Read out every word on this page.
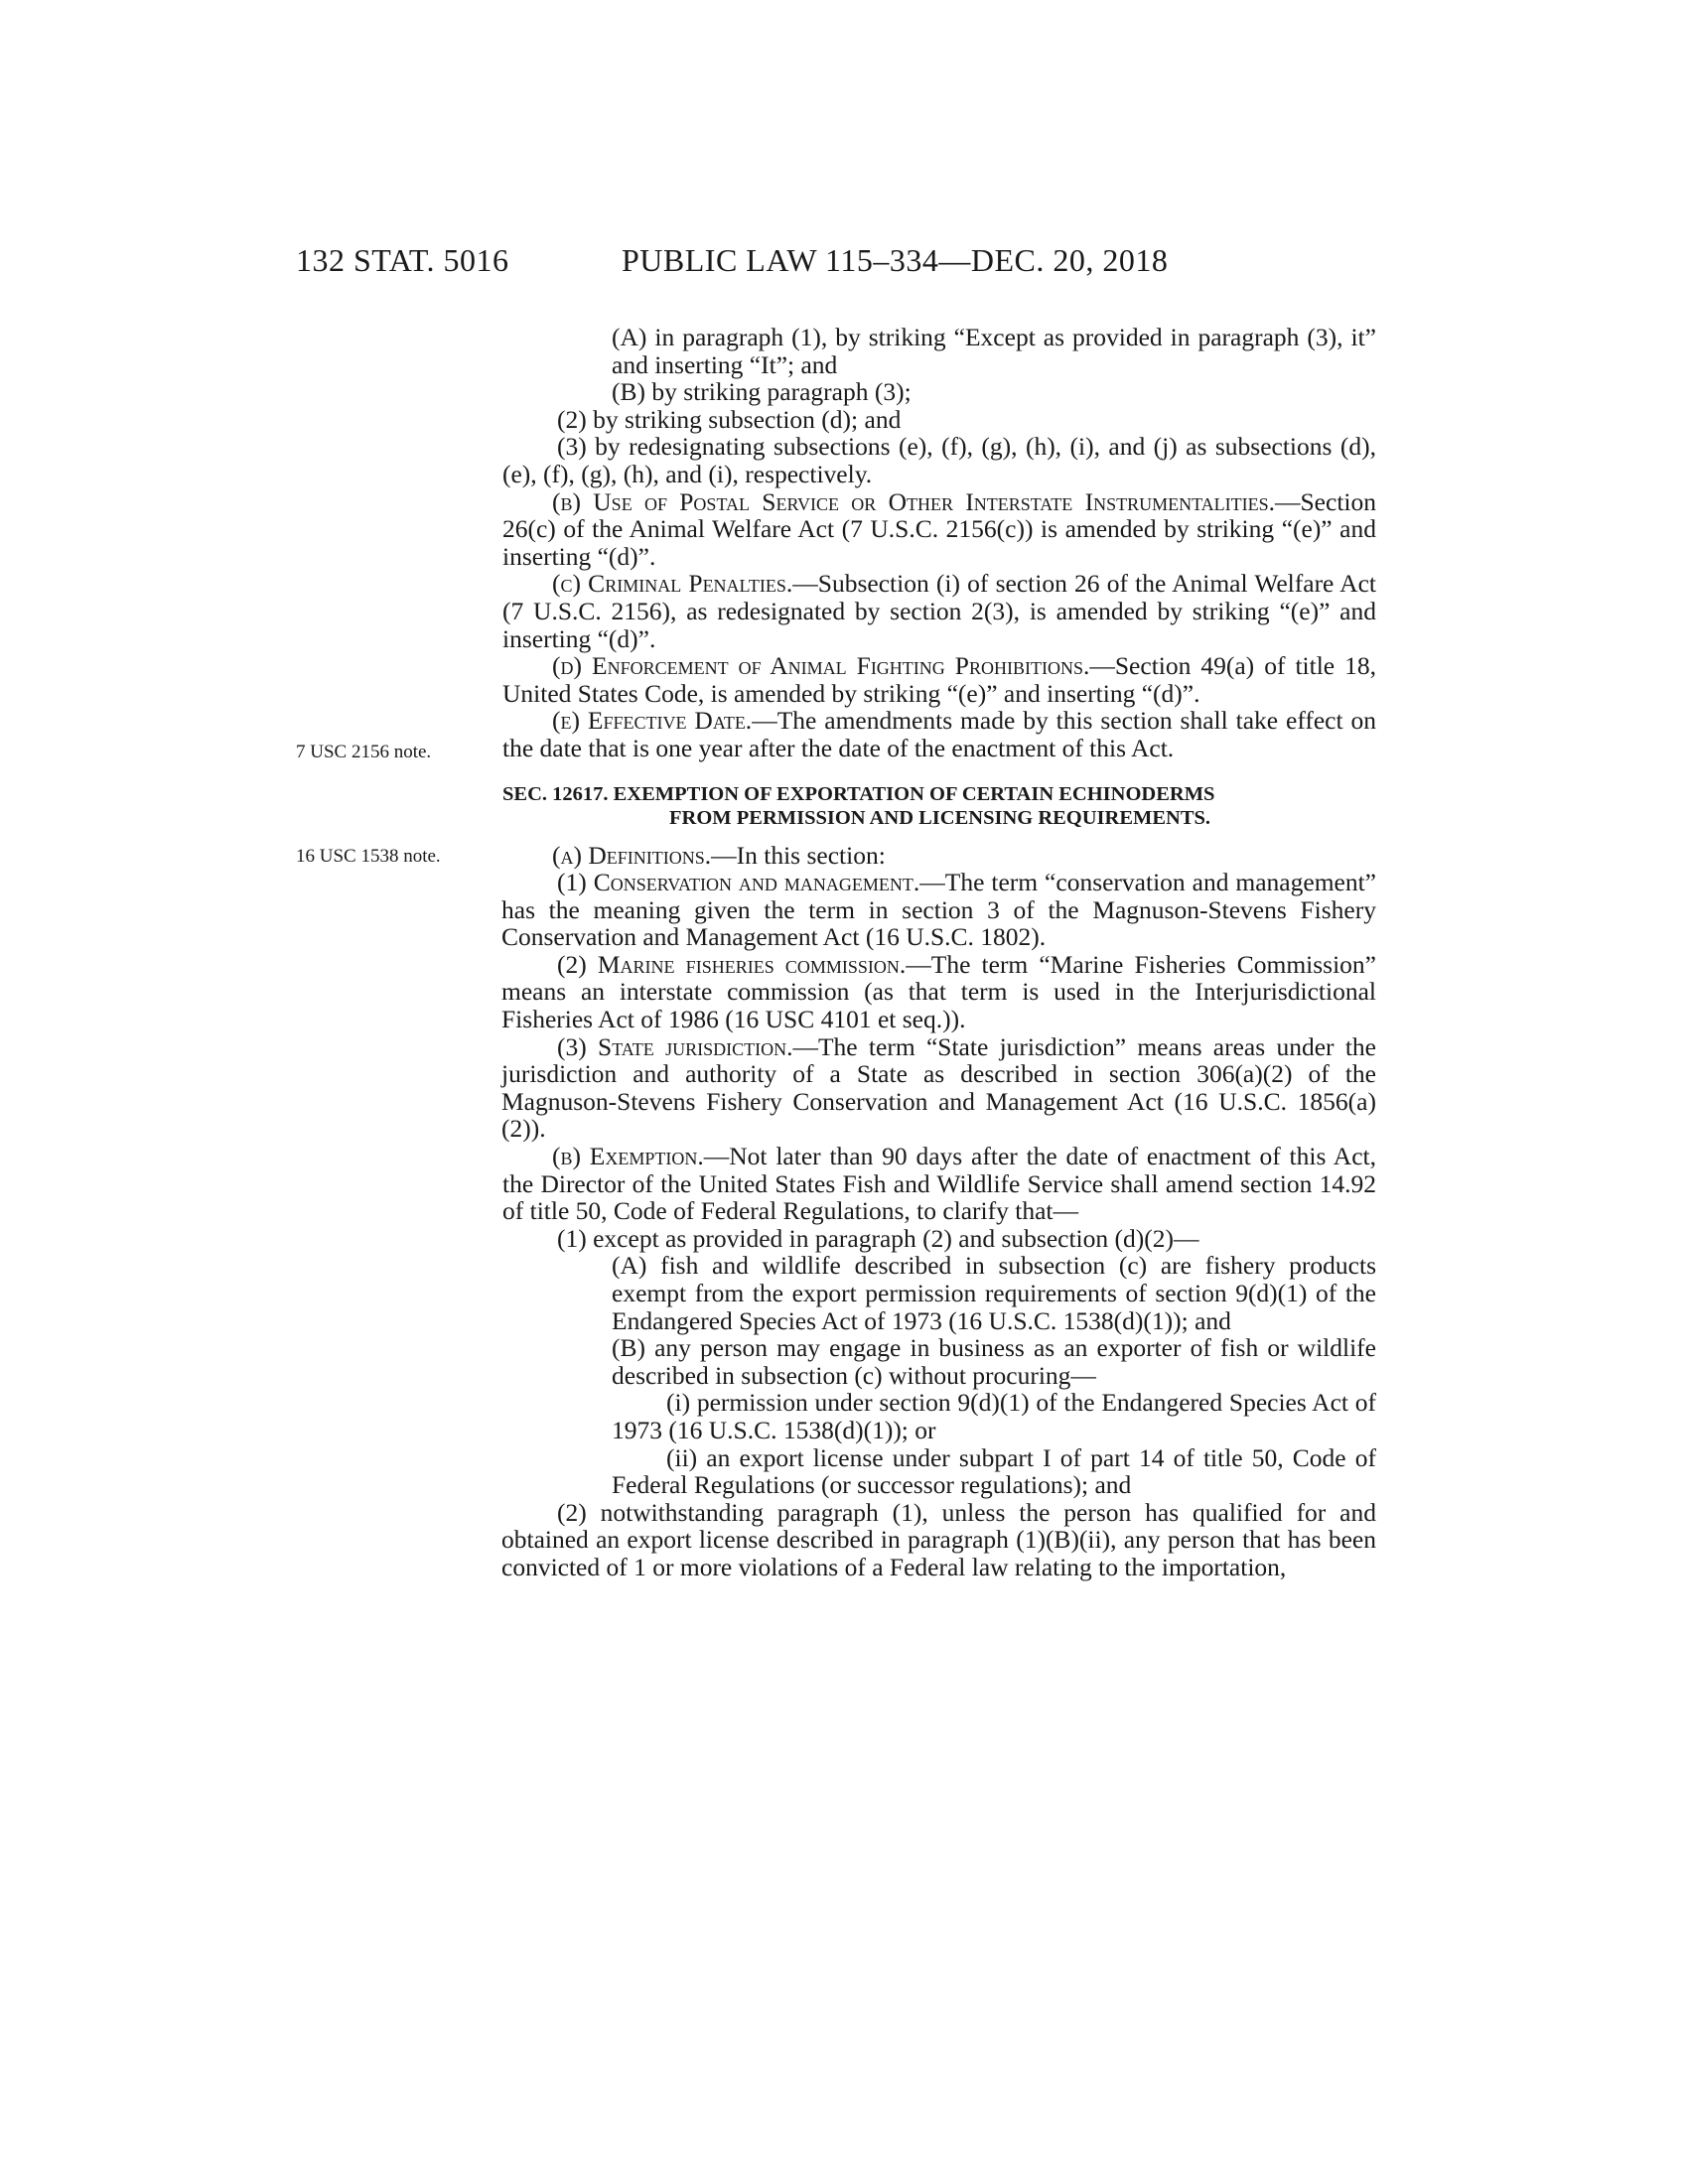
132 STAT. 5016	PUBLIC LAW 115–334—DEC. 20, 2018
7 USC 2156 note.
16 USC 1538 note.

(A) in paragraph (1), by striking “Except as provided in paragraph (3), it” and inserting “It”; and

(B) by striking paragraph (3);

(2) by striking subsection (d); and

(3) by redesignating subsections (e), (f), (g), (h), (i), and (j) as subsections (d), (e), (f), (g), (h), and (i), respectively.

(b) Use of Postal Service or Other Interstate Instrumentalities.—Section 26(c) of the Animal Welfare Act (7 U.S.C. 2156(c)) is amended by striking “(e)” and inserting “(d)”.

(c) Criminal Penalties.—Subsection (i) of section 26 of the Animal Welfare Act (7 U.S.C. 2156), as redesignated by section 2(3), is amended by striking “(e)” and inserting “(d)”.

(d) Enforcement of Animal Fighting Prohibitions.—Section 49(a) of title 18, United States Code, is amended by striking “(e)” and inserting “(d)”.

(e) Effective Date.—The amendments made by this section shall take effect on the date that is one year after the date of the enactment of this Act.

SEC. 12617. EXEMPTION OF EXPORTATION OF CERTAIN ECHINODERMS
FROM PERMISSION AND LICENSING REQUIREMENTS.

(a) Definitions.—In this section:

(1) Conservation and management.—The term “conservation and management” has the meaning given the term in section 3 of the Magnuson-Stevens Fishery Conservation and Management Act (16 U.S.C. 1802).

(2) Marine fisheries commission.—The term “Marine Fisheries Commission” means an interstate commission (as that term is used in the Interjurisdictional Fisheries Act of 1986 (16 USC 4101 et seq.)).

(3) State jurisdiction.—The term “State jurisdiction” means areas under the jurisdiction and authority of a State as described in section 306(a)(2) of the Magnuson-Stevens Fishery Conservation and Management Act (16 U.S.C. 1856(a)(2)).

(b) Exemption.—Not later than 90 days after the date of enactment of this Act, the Director of the United States Fish and Wildlife Service shall amend section 14.92 of title 50, Code of Federal Regulations, to clarify that—

(1) except as provided in paragraph (2) and subsection (d)(2)—

(A) fish and wildlife described in subsection (c) are fishery products exempt from the export permission requirements of section 9(d)(1) of the Endangered Species Act of 1973 (16 U.S.C. 1538(d)(1)); and

(B) any person may engage in business as an exporter of fish or wildlife described in subsection (c) without procuring—

(i) permission under section 9(d)(1) of the Endangered Species Act of 1973 (16 U.S.C. 1538(d)(1)); or

(ii) an export license under subpart I of part 14 of title 50, Code of Federal Regulations (or successor regulations); and

(2) notwithstanding paragraph (1), unless the person has qualified for and obtained an export license described in paragraph (1)(B)(ii), any person that has been convicted of 1 or more violations of a Federal law relating to the importation,
